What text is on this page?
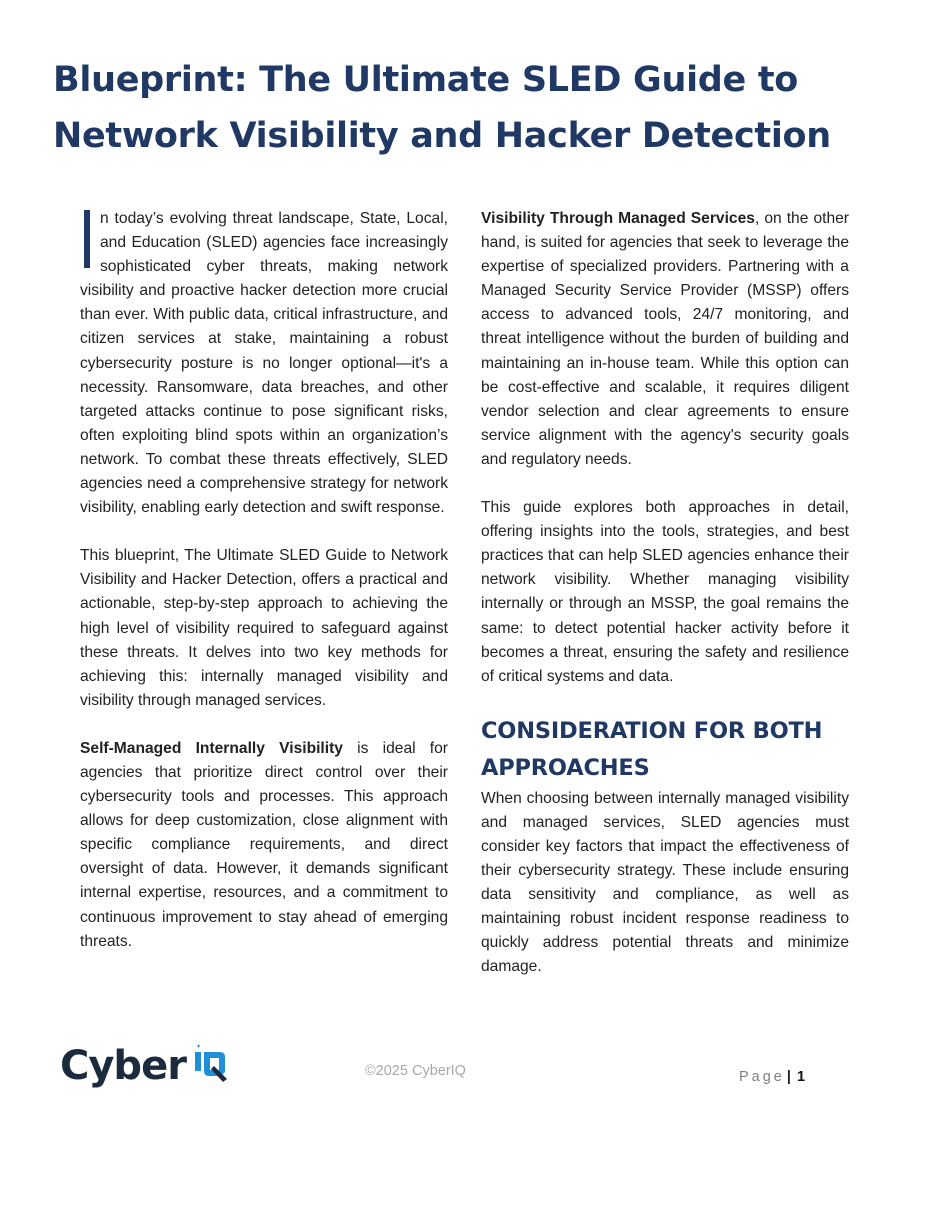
Blueprint: The Ultimate SLED Guide to
Network Visibility and Hacker Detection

n today’s evolving threat landscape, State, Local, and Education (SLED) agencies face increasingly sophisticated cyber threats, making network visibility and proactive hacker detection more crucial than ever. With public data, critical infrastructure, and citizen services at stake, maintaining a robust cybersecurity posture is no longer optional—it's a necessity. Ransomware, data breaches, and other targeted attacks continue to pose significant risks, often exploiting blind spots within an organization’s network. To combat these threats effectively, SLED agencies need a comprehensive strategy for network visibility, enabling early detection and swift response.

This blueprint, The Ultimate SLED Guide to Network Visibility and Hacker Detection, offers a practical and actionable, step-by-step approach to achieving the high level of visibility required to safeguard against these threats. It delves into two key methods for achieving this: internally managed visibility and visibility through managed services.

Self-Managed Internally Visibility is ideal for agencies that prioritize direct control over their cybersecurity tools and processes. This approach allows for deep customization, close alignment with specific compliance requirements, and direct oversight of data. However, it demands significant internal expertise, resources, and a commitment to continuous improvement to stay ahead of emerging threats.

Visibility Through Managed Services, on the other hand, is suited for agencies that seek to leverage the expertise of specialized providers. Partnering with a Managed Security Service Provider (MSSP) offers access to advanced tools, 24/7 monitoring, and threat intelligence without the burden of building and maintaining an in-house team. While this option can be cost-effective and scalable, it requires diligent vendor selection and clear agreements to ensure service alignment with the agency's security goals and regulatory needs.

This guide explores both approaches in detail, offering insights into the tools, strategies, and best practices that can help SLED agencies enhance their network visibility. Whether managing visibility internally or through an MSSP, the goal remains the same: to detect potential hacker activity before it becomes a threat, ensuring the safety and resilience of critical systems and data.

CONSIDERATION FOR BOTH APPROACHES

When choosing between internally managed visibility and managed services, SLED agencies must consider key factors that impact the effectiveness of their cybersecurity strategy. These include ensuring data sensitivity and compliance, as well as maintaining robust incident response readiness to quickly address potential threats and minimize damage.

Cyber	©2025 CyberIQ	Page | 1
